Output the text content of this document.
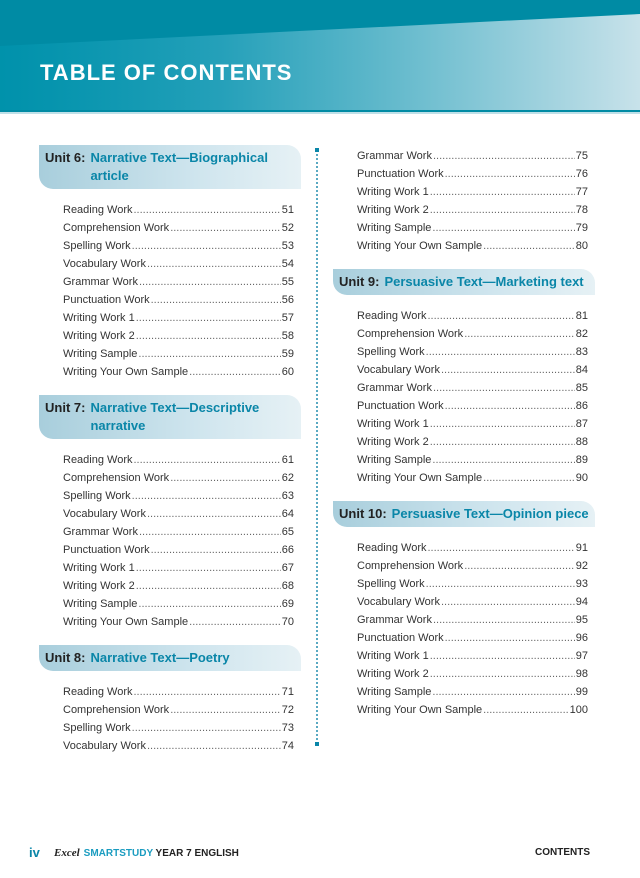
TABLE OF CONTENTS
Unit 6: Narrative Text—Biographical article
Reading Work .....	51
Comprehension Work .....	52
Spelling Work .....	53
Vocabulary Work .....	54
Grammar Work .....	55
Punctuation Work .....	56
Writing Work 1 .....	57
Writing Work 2 .....	58
Writing Sample .....	59
Writing Your Own Sample .....	60
Unit 7: Narrative Text—Descriptive narrative
Reading Work .....	61
Comprehension Work .....	62
Spelling Work .....	63
Vocabulary Work .....	64
Grammar Work .....	65
Punctuation Work .....	66
Writing Work 1 .....	67
Writing Work 2 .....	68
Writing Sample .....	69
Writing Your Own Sample .....	70
Unit 8: Narrative Text—Poetry
Reading Work .....	71
Comprehension Work .....	72
Spelling Work .....	73
Vocabulary Work .....	74
Grammar Work .....	75
Punctuation Work .....	76
Writing Work 1 .....	77
Writing Work 2 .....	78
Writing Sample .....	79
Writing Your Own Sample .....	80
Unit 9: Persuasive Text—Marketing text
Reading Work .....	81
Comprehension Work .....	82
Spelling Work .....	83
Vocabulary Work .....	84
Grammar Work .....	85
Punctuation Work .....	86
Writing Work 1 .....	87
Writing Work 2 .....	88
Writing Sample .....	89
Writing Your Own Sample .....	90
Unit 10: Persuasive Text—Opinion piece
Reading Work .....	91
Comprehension Work .....	92
Spelling Work .....	93
Vocabulary Work .....	94
Grammar Work .....	95
Punctuation Work .....	96
Writing Work 1 .....	97
Writing Work 2 .....	98
Writing Sample .....	99
Writing Your Own Sample .....	100
iv Excel SMARTSTUDY YEAR 7 ENGLISH	CONTENTS
